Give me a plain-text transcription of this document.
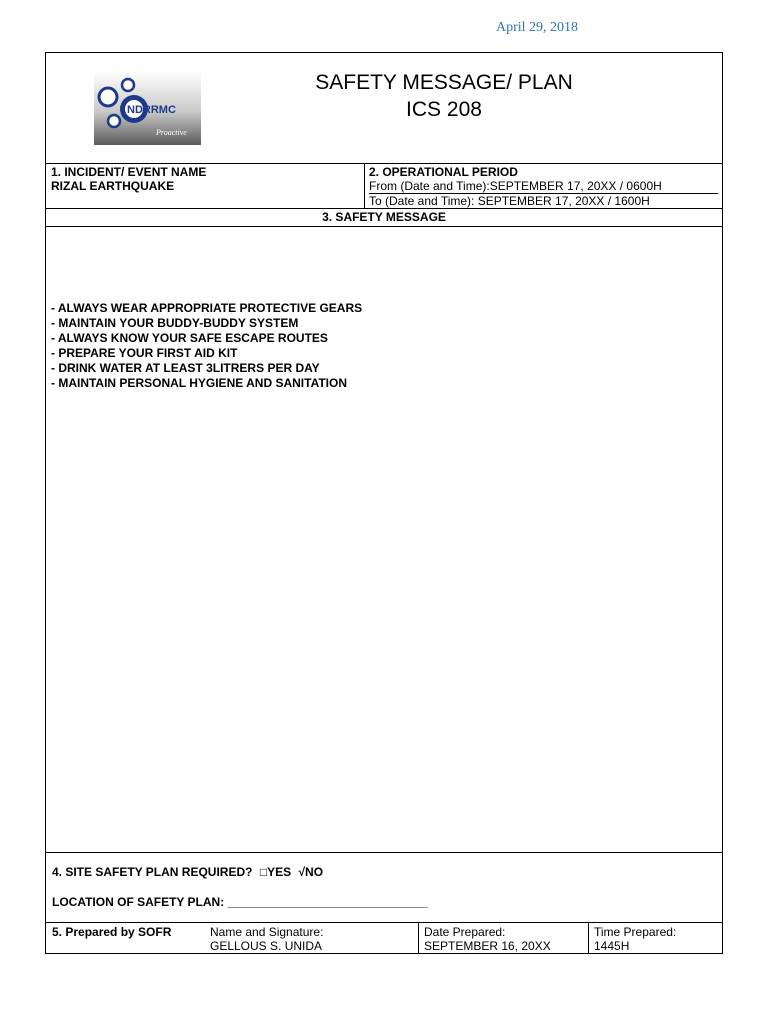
April 29, 2018
NDRRMC
Proactive
SAFETY MESSAGE/ PLAN
ICS 208
1. INCIDENT/ EVENT NAME
RIZAL EARTHQUAKE
2. OPERATIONAL PERIOD
From (Date and Time):SEPTEMBER 17, 20XX / 0600H
To (Date and Time): SEPTEMBER 17, 20XX / 1600H
3. SAFETY MESSAGE
- ALWAYS WEAR APPROPRIATE PROTECTIVE GEARS
- MAINTAIN YOUR BUDDY-BUDDY SYSTEM
- ALWAYS KNOW YOUR SAFE ESCAPE ROUTES
- PREPARE YOUR FIRST AID KIT
- DRINK WATER AT LEAST 3LITRERS PER DAY
- MAINTAIN PERSONAL HYGIENE AND SANITATION
4. SITE SAFETY PLAN REQUIRED? □YES √NO
LOCATION OF SAFETY PLAN: ______________________________
5. Prepared by SOFR	Name and Signature:
GELLOUS S. UNIDA
Date Prepared:
SEPTEMBER 16, 20XX
Time Prepared:
1445H
